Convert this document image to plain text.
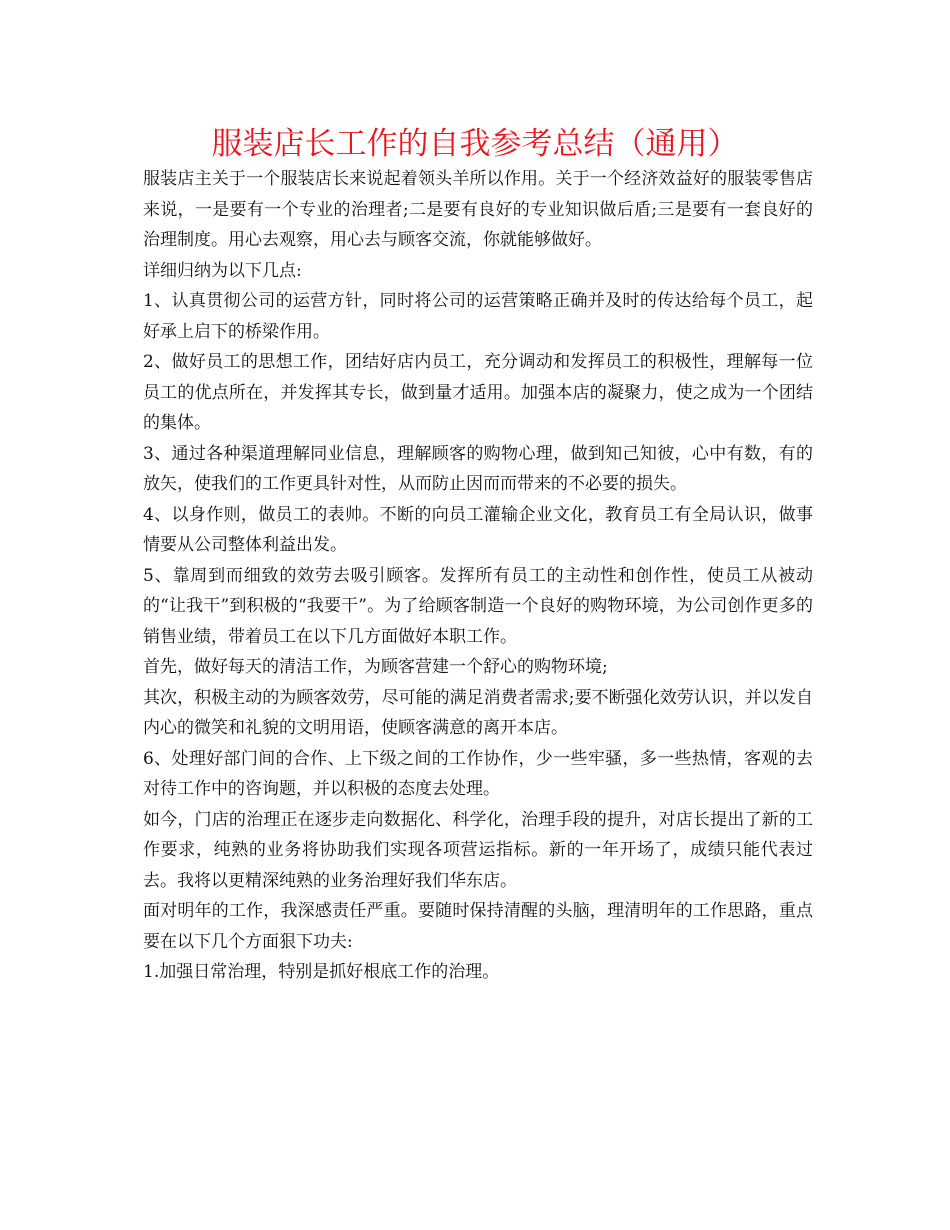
服装店长工作的自我参考总结（通用）

服装店主关于一个服装店长来说起着领头羊所以作用。关于一个经济效益好的服装零售店来说，一是要有一个专业的治理者;二是要有良好的专业知识做后盾;三是要有一套良好的治理制度。用心去观察，用心去与顾客交流，你就能够做好。

详细归纳为以下几点:

1、认真贯彻公司的运营方针，同时将公司的运营策略正确并及时的传达给每个员工，起好承上启下的桥梁作用。

2、做好员工的思想工作，团结好店内员工，充分调动和发挥员工的积极性，理解每一位员工的优点所在，并发挥其专长，做到量才适用。加强本店的凝聚力，使之成为一个团结的集体。

3、通过各种渠道理解同业信息，理解顾客的购物心理，做到知己知彼，心中有数，有的放矢，使我们的工作更具针对性，从而防止因而而带来的不必要的损失。

4、以身作则，做员工的表帅。不断的向员工灌输企业文化，教育员工有全局认识，做事情要从公司整体利益出发。

5、靠周到而细致的效劳去吸引顾客。发挥所有员工的主动性和创作性，使员工从被动的“让我干”到积极的“我要干”。为了给顾客制造一个良好的购物环境，为公司创作更多的销售业绩，带着员工在以下几方面做好本职工作。

首先，做好每天的清洁工作，为顾客营建一个舒心的购物环境;

其次，积极主动的为顾客效劳，尽可能的满足消费者需求;要不断强化效劳认识，并以发自内心的微笑和礼貌的文明用语，使顾客满意的离开本店。

6、处理好部门间的合作、上下级之间的工作协作，少一些牢骚，多一些热情，客观的去对待工作中的咨询题，并以积极的态度去处理。

如今，门店的治理正在逐步走向数据化、科学化，治理手段的提升，对店长提出了新的工作要求，纯熟的业务将协助我们实现各项营运指标。新的一年开场了，成绩只能代表过去。我将以更精深纯熟的业务治理好我们华东店。

面对明年的工作，我深感责任严重。要随时保持清醒的头脑，理清明年的工作思路，重点要在以下几个方面狠下功夫:

1.加强日常治理，特别是抓好根底工作的治理。
